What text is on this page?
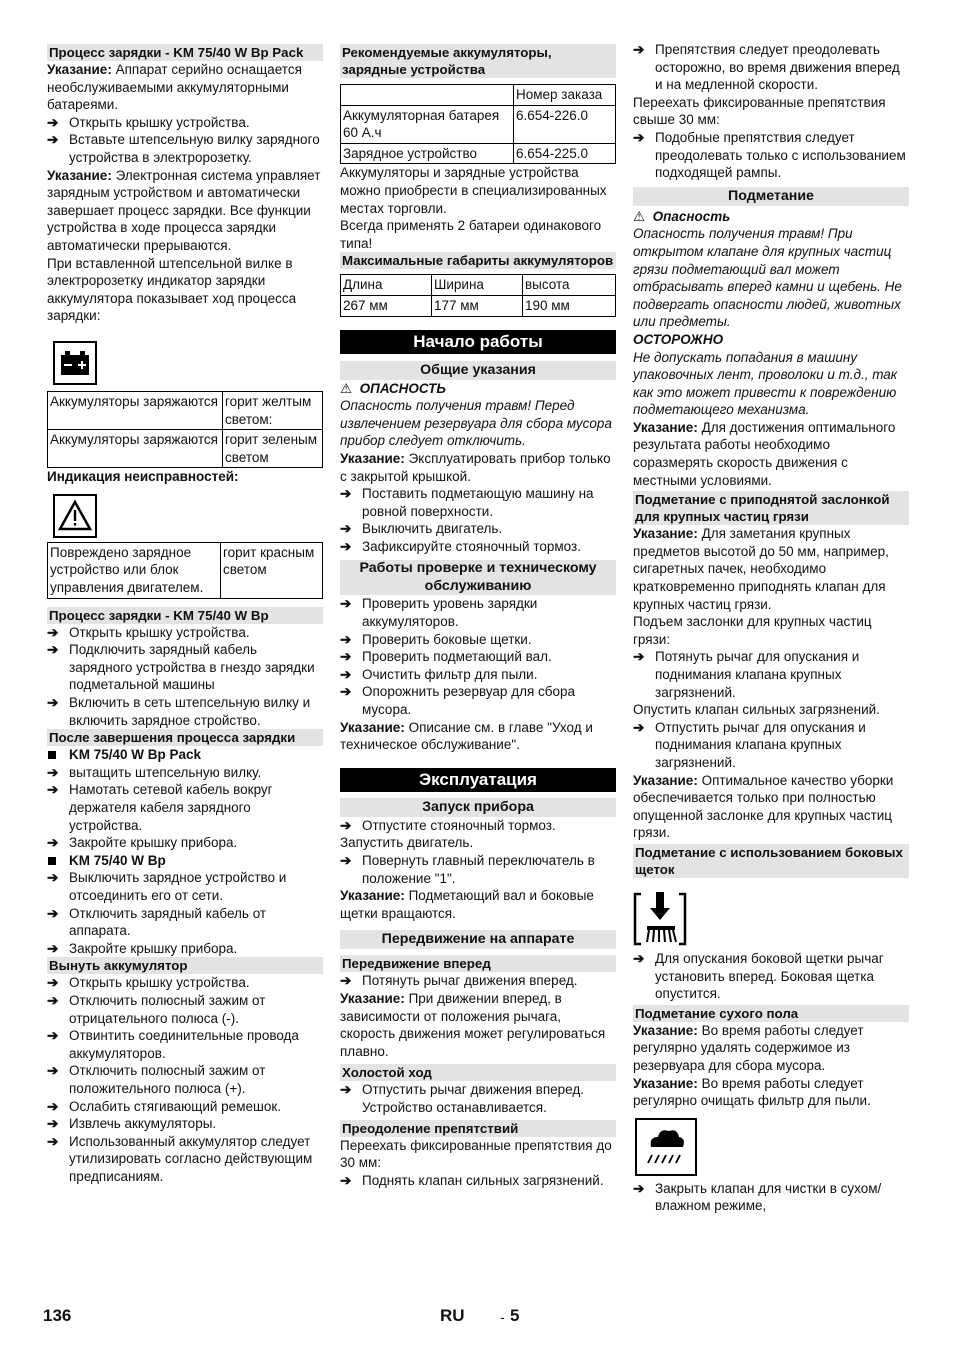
Процесс зарядки - KM 75/40 W Bp Pack

Указание: Аппарат серийно оснащается необслуживаемыми аккумуляторными батареями.

➔ Открыть крышку устройства.
➔ Вставьте штепсельную вилку зарядного устройства в электророзетку.

Указание: Электронная система управляет зарядным устройством и автоматически завершает процесс зарядки. Все функции устройства в ходе процесса зарядки автоматически прерываются.

При вставленной штепсельной вилке в электророзетку индикатор зарядки аккумулятора показывает ход процесса зарядки:

Аккумуляторы заряжаются	горит желтым светом:
Аккумуляторы заряжаются	горит зеленым светом

Индикация неисправностей:

Повреждено зарядное устройство или блок управления двигателем.	горит красным светом
Процесс зарядки - KM 75/40 W Bp
➔ Открыть крышку устройства.
➔ Подключить зарядный кабель зарядного устройства в гнездо зарядки подметальной машины
➔ Включить в сеть штепсельную вилку и включить зарядное стройство.
После завершения процесса зарядки
KM 75/40 W Bp Pack
➔ вытащить штепсельную вилку.
➔ Намотать сетевой кабель вокруг держателя кабеля зарядного устройства.
➔ Закройте крышку прибора.
KM 75/40 W Bp
➔ Выключить зарядное устройство и отсоединить его от сети.
➔ Отключить зарядный кабель от аппарата.
➔ Закройте крышку прибора.
Вынуть аккумулятор
➔ Открыть крышку устройства.
➔ Отключить полюсный зажим от отрицательного полюса (-).
➔ Отвинтить соединительные провода аккумуляторов.
➔ Отключить полюсный зажим от положительного полюса (+).
➔ Ослабить стягивающий ремешок.
➔ Извлечь аккумуляторы.
➔ Использованный аккумулятор следует утилизировать согласно действующим предписаниям.
Рекомендуемые аккумуляторы, зарядные устройства
	Номер заказа
Аккумуляторная батарея 60 А.ч	6.654-226.0
Зарядное устройство	6.654-225.0

Аккумуляторы и зарядные устройства можно приобрести в специализированных местах торговли.

Всегда применять 2 батареи одинакового типа!

Максимальные габариты аккумуляторов
Длина	Ширина	высота
267 мм	177 мм	190 мм
Начало работы
Общие указания

⚠ ОПАСНОСТЬ

Опасность получения травм! Перед извлечением резервуара для сбора мусора прибор следует отключить.

Указание: Эксплуатировать прибор только с закрытой крышкой.

➔ Поставить подметающую машину на ровной поверхности.
➔ Выключить двигатель.
➔ Зафиксируйте стояночный тормоз.
Работы проверке и техническому обслуживанию
➔ Проверить уровень зарядки аккумуляторов.
➔ Проверить боковые щетки.
➔ Проверить подметающий вал.
➔ Очистить фильтр для пыли.
➔ Опорожнить резервуар для сбора мусора.

Указание: Описание см. в главе "Уход и техническое обслуживание".

Эксплуатация
Запуск прибора
➔ Отпустите стояночный тормоз.

Запустить двигатель.

➔ Повернуть главный переключатель в положение "1".

Указание: Подметающий вал и боковые щетки вращаются.

Передвижение на аппарате
Передвижение вперед
➔ Потянуть рычаг движения вперед.

Указание: При движении вперед, в зависимости от положения рычага, скорость движения может регулироваться плавно.

Холостой ход
➔ Отпустить рычаг движения вперед. Устройство останавливается.
Преодоление препятствий

Переехать фиксированные препятствия до 30 мм:

➔ Поднять клапан сильных загрязнений.
➔ Препятствия следует преодолевать осторожно, во время движения вперед и на медленной скорости.

Переехать фиксированные препятствия свыше 30 мм:

➔ Подобные препятствия следует преодолевать только с использованием подходящей рампы.
Подметание

⚠ Опасность

Опасность получения травм! При открытом клапане для крупных частиц грязи подметающий вал может отбрасывать вперед камни и щебень. Не подвергать опасности людей, животных или предметы.

ОСТОРОЖНО

Не допускать попадания в машину упаковочных лент, проволоки и т.д., так как это может привести к повреждению подметающего механизма.

Указание: Для достижения оптимального результата работы необходимо соразмерять скорость движения с местными условиями.

Подметание с приподнятой заслонкой для крупных частиц грязи

Указание: Для заметания крупных предметов высотой до 50 мм, например, сигаретных пачек, необходимо кратковременно приподнять клапан для крупных частиц грязи.

Подъем заслонки для крупных частиц грязи:

➔ Потянуть рычаг для опускания и поднимания клапана крупных загрязнений.

Опустить клапан сильных загрязнений.

➔ Отпустить рычаг для опускания и поднимания клапана крупных загрязнений.

Указание: Оптимальное качество уборки обеспечивается только при полностью опущенной заслонке для крупных частиц грязи.

Подметание с использованием боковых щеток
➔ Для опускания боковой щетки рычаг установить вперед. Боковая щетка опустится.
Подметание сухого пола

Указание: Во время работы следует регулярно удалять содержимое из резервуара для сбора мусора.

Указание: Во время работы следует регулярно очищать фильтр для пыли.

➔ Закрыть клапан для чистки в сухом/влажном режиме,
136	RU	- 5
